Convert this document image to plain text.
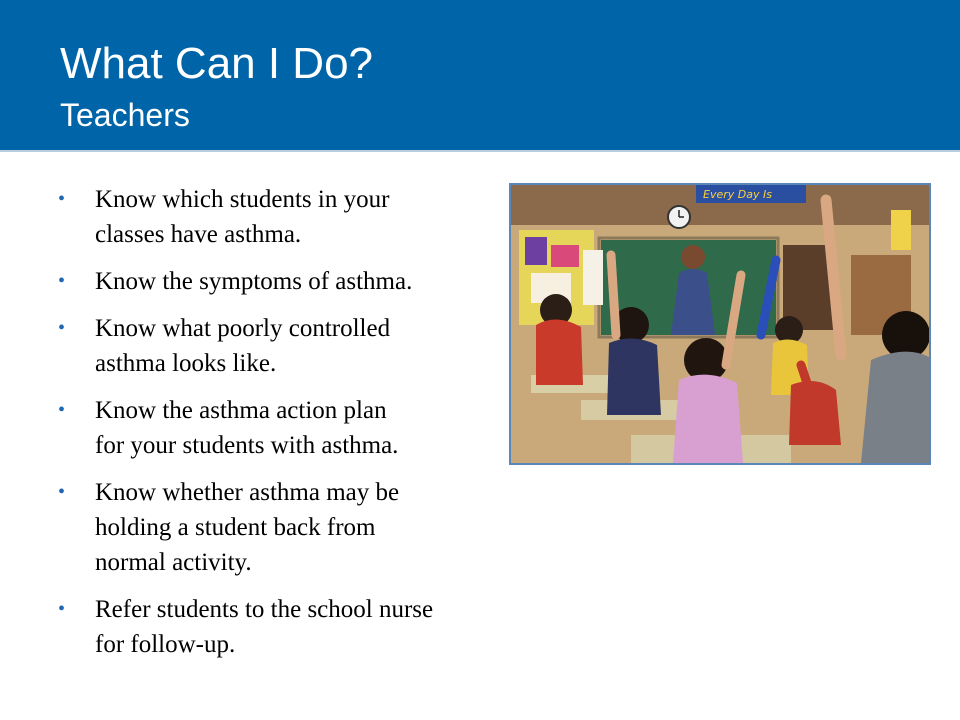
What Can I Do?
Teachers
• Know which students in your
classes have asthma.
• Know the symptoms of asthma.
• Know what poorly controlled
asthma looks like.
• Know the asthma action plan
for your students with asthma.
• Know whether asthma may be
holding a student back from
normal activity.
• Refer students to the school nurse
for follow-up.
Every Day Is
